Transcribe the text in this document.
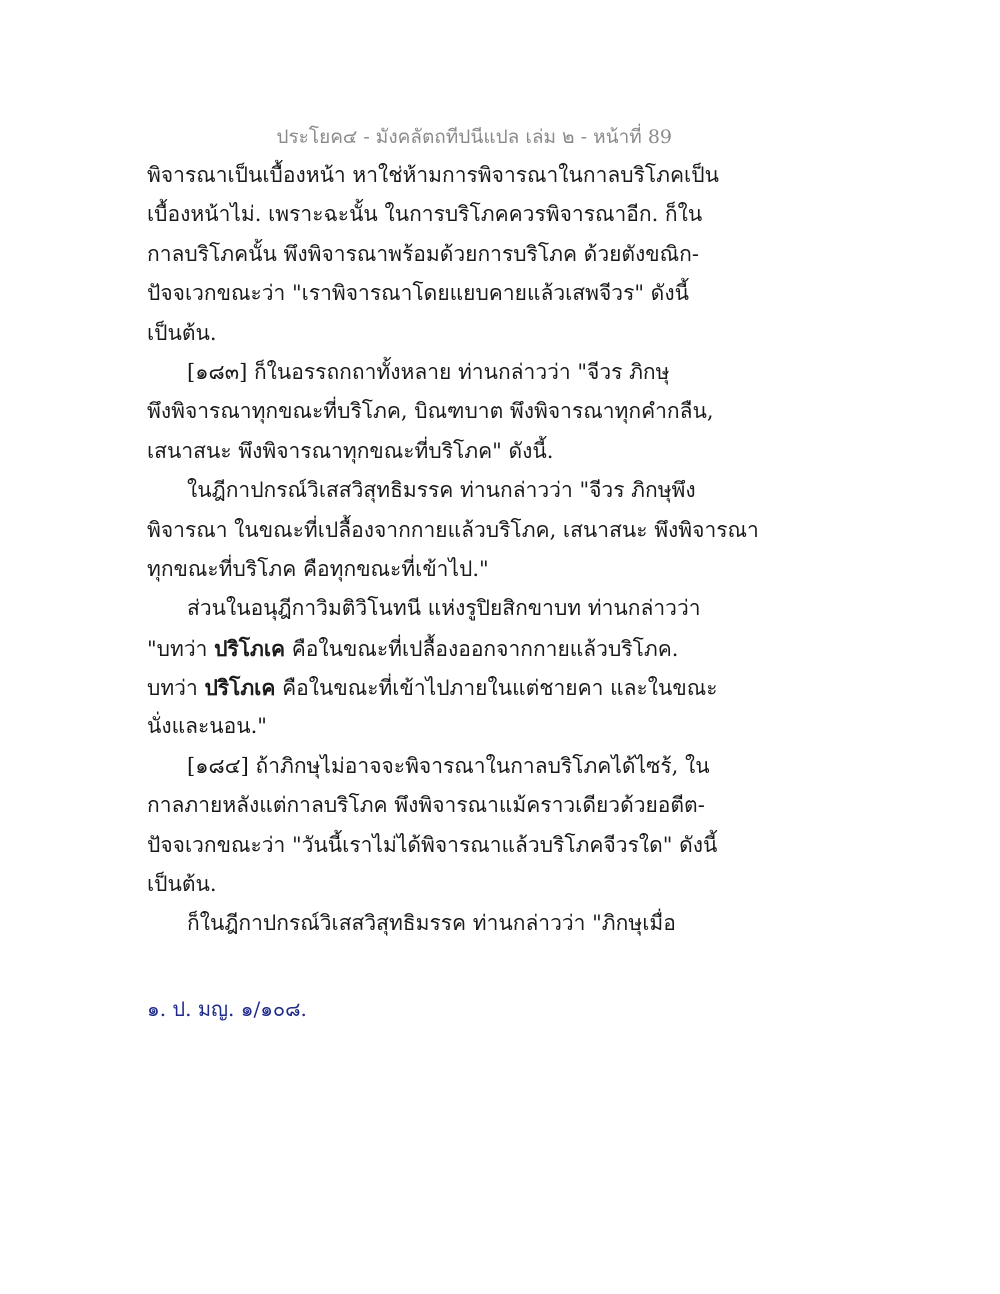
ประโยค๔ - มังคลัตถทีปนีแปล เล่ม ๒ - หน้าที่ 89
พิจารณาเป็นเบื้องหน้า หาใช่ห้ามการพิจารณาในกาลบริโภคเป็น
เบื้องหน้าไม่. เพราะฉะนั้น ในการบริโภคควรพิจารณาอีก. ก็ใน
กาลบริโภคนั้น พึงพิจารณาพร้อมด้วยการบริโภค ด้วยตังขณิก-
ปัจจเวกขณะว่า "เราพิจารณาโดยแยบคายแล้วเสพจีวร" ดังนี้
เป็นต้น.
[๑๘๓] ก็ในอรรถกถาทั้งหลาย ท่านกล่าวว่า "จีวร ภิกษุ
พึงพิจารณาทุกขณะที่บริโภค, บิณฑบาต พึงพิจารณาทุกคำกลืน,
เสนาสนะ พึงพิจารณาทุกขณะที่บริโภค" ดังนี้.
ในฎีกาปกรณ์วิเสสวิสุทธิมรรค ท่านกล่าวว่า "จีวร ภิกษุพึง
พิจารณา ในขณะที่เปลื้องจากกายแล้วบริโภค, เสนาสนะ พึงพิจารณา
ทุกขณะที่บริโภค คือทุกขณะที่เข้าไป."
ส่วนในอนุฎีกาวิมติวิโนทนี แห่งรูปิยสิกขาบท ท่านกล่าวว่า
"บทว่า ปริโภเค คือในขณะที่เปลื้องออกจากกายแล้วบริโภค.
บทว่า ปริโภเค คือในขณะที่เข้าไปภายในแต่ชายคา และในขณะ
นั่งและนอน."
[๑๘๔] ถ้าภิกษุไม่อาจจะพิจารณาในกาลบริโภคได้ไซร้, ใน
กาลภายหลังแต่กาลบริโภค พึงพิจารณาแม้คราวเดียวด้วยอตีต-
ปัจจเวกขณะว่า "วันนี้เราไม่ได้พิจารณาแล้วบริโภคจีวรใด" ดังนี้
เป็นต้น.
ก็ในฎีกาปกรณ์วิเสสวิสุทธิมรรค ท่านกล่าวว่า "ภิกษุเมื่อ
๑. ป. มญ. ๑/๑๐๘.
